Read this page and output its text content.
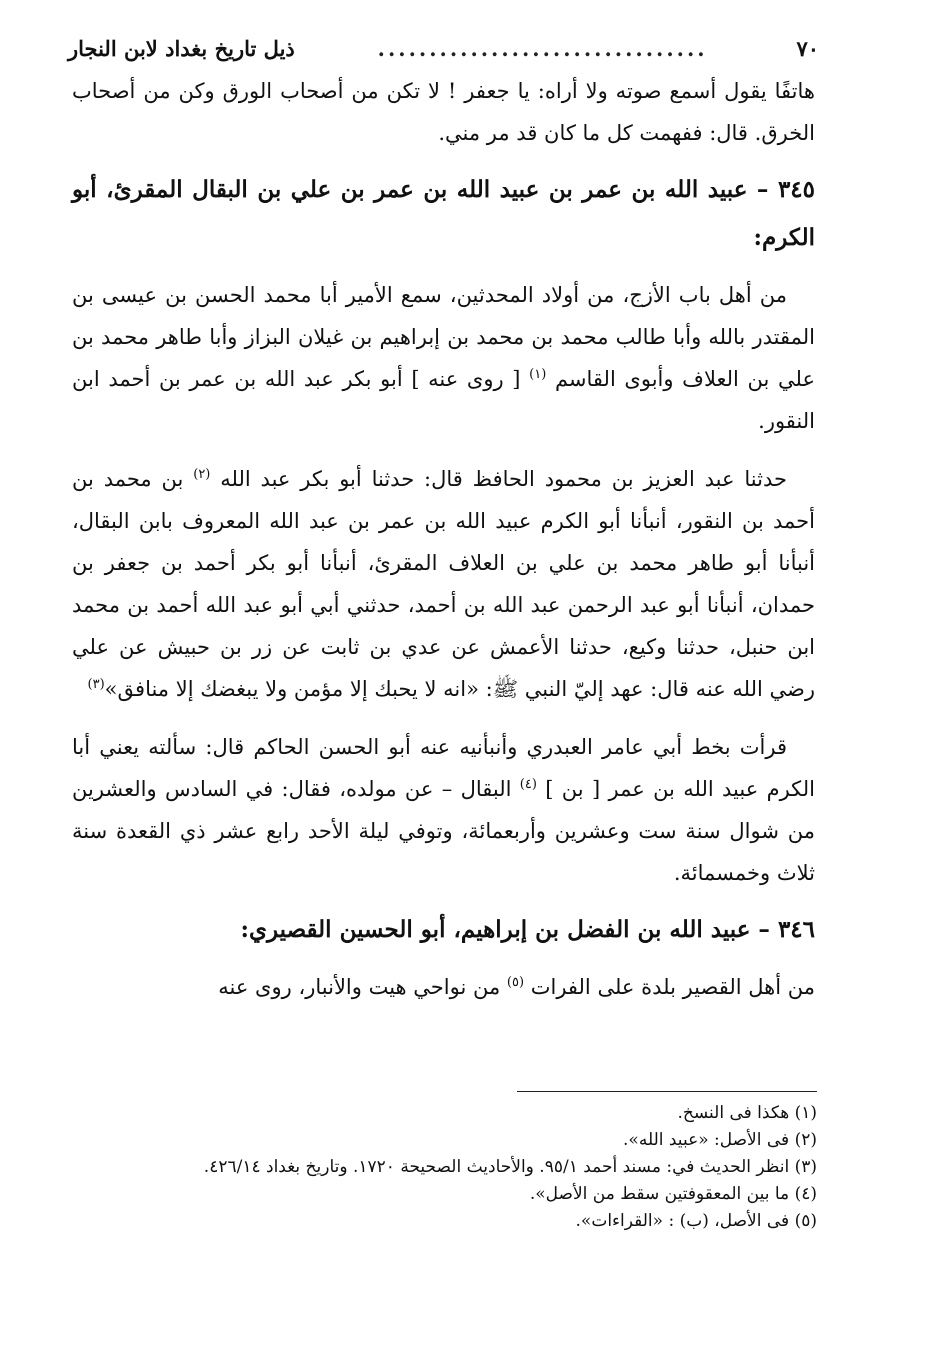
٧٠
................................
ذيل تاريخ بغداد لابن النجار

هاتفًا يقول أسمع صوته ولا أراه: يا جعفر ! لا تكن من أصحاب الورق وكن من أصحاب الخرق. قال: ففهمت كل ما كان قد مر مني.

٣٤٥ – عبيد الله بن عمر بن عبيد الله بن عمر بن علي بن البقال المقرئ، أبو الكرم:

من أهل باب الأزج، من أولاد المحدثين، سمع الأمير أبا محمد الحسن بن عيسى بن المقتدر بالله وأبا طالب محمد بن محمد بن إبراهيم بن غيلان البزاز وأبا طاهر محمد بن علي بن العلاف وأبوى القاسم $^{(١)}$ [ روى عنه ] أبو بكر عبد الله بن عمر بن أحمد ابن النقور.

حدثنا عبد العزيز بن محمود الحافظ قال: حدثنا أبو بكر عبد الله $^{(٢)}$ بن محمد بن أحمد بن النقور، أنبأنا أبو الكرم عبيد الله بن عمر بن عبد الله المعروف بابن البقال، أنبأنا أبو طاهر محمد بن علي بن العلاف المقرئ، أنبأنا أبو بكر أحمد بن جعفر بن حمدان، أنبأنا أبو عبد الرحمن عبد الله بن أحمد، حدثني أبي أبو عبد الله أحمد بن محمد ابن حنبل، حدثنا وكيع، حدثنا الأعمش عن عدي بن ثابت عن زر بن حبيش عن علي رضي الله عنه قال: عهد إليّ النبي ﷺ: «انه لا يحبك إلا مؤمن ولا يبغضك إلا منافق»$^{(٣)}$

قرأت بخط أبي عامر العبدري وأنبأنيه عنه أبو الحسن الحاكم قال: سألته يعني أبا الكرم عبيد الله بن عمر [ بن ] $^{(٤)}$ البقال – عن مولده، فقال: في السادس والعشرين من شوال سنة ست وعشرين وأربعمائة، وتوفي ليلة الأحد رابع عشر ذي القعدة سنة ثلاث وخمسمائة.

٣٤٦ – عبيد الله بن الفضل بن إبراهيم، أبو الحسين القصيري:

من أهل القصير بلدة على الفرات $^{(٥)}$ من نواحي هيت والأنبار، روى عنه

(١) هكذا فى النسخ.
(٢) فى الأصل: «عبيد الله».
(٣) انظر الحديث في: مسند أحمد ٩٥/١. والأحاديث الصحيحة ١٧٢٠. وتاريخ بغداد ٤٢٦/١٤.
(٤) ما بين المعقوفتين سقط من الأصل».
(٥) فى الأصل، (ب) : «القراءات».
